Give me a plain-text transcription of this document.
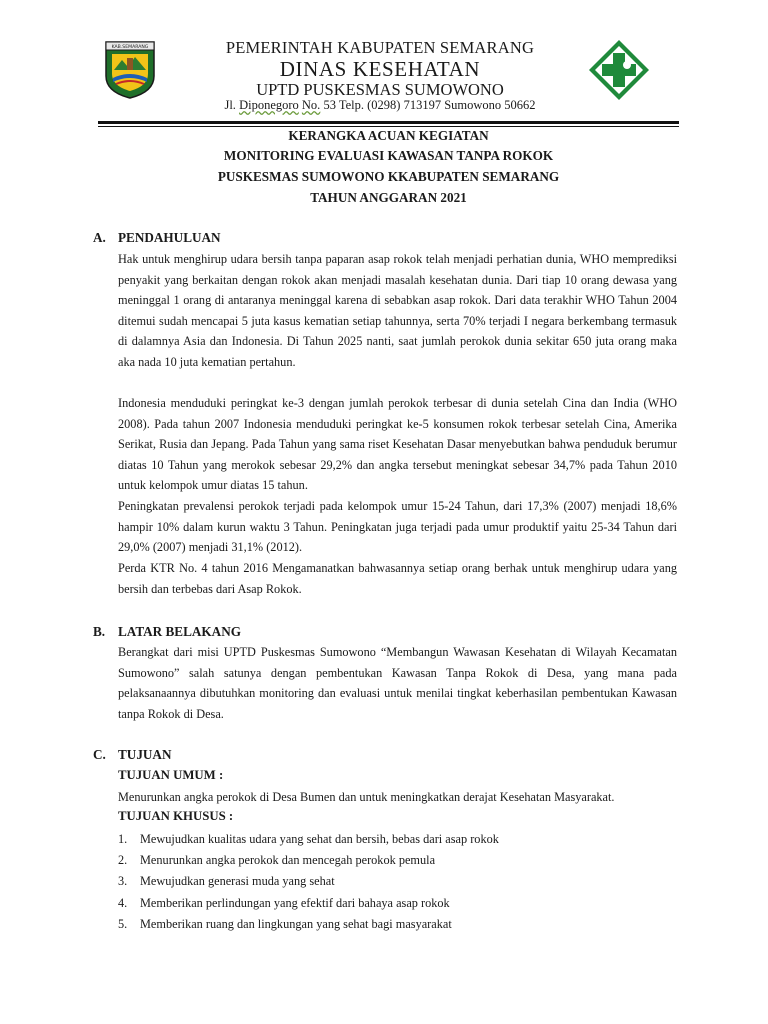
KAB.SEMARANG	PEMERINTAH KABUPATEN SEMARANG
DINAS KESEHATAN
UPTD PUSKESMAS SUMOWONO
Jl. Diponegoro No. 53 Telp. (0298) 713197 Sumowono 50662
KERANGKA ACUAN KEGIATAN
MONITORING EVALUASI KAWASAN TANPA ROKOK
PUSKESMAS SUMOWONO KKABUPATEN SEMARANG
TAHUN ANGGARAN 2021
A. PENDAHULUAN
Hak untuk menghirup udara bersih tanpa paparan asap rokok telah menjadi perhatian dunia, WHO memprediksi penyakit yang berkaitan dengan rokok akan menjadi masalah kesehatan dunia. Dari tiap 10 orang dewasa yang meninggal 1 orang di antaranya meninggal karena di sebabkan asap rokok. Dari data terakhir WHO Tahun 2004 ditemui sudah mencapai 5 juta kasus kematian setiap tahunnya, serta 70% terjadi I negara berkembang termasuk di dalamnya Asia dan Indonesia. Di Tahun 2025 nanti, saat jumlah perokok dunia sekitar 650 juta orang maka aka nada 10 juta kematian pertahun.
Indonesia menduduki peringkat ke-3 dengan jumlah perokok terbesar di dunia setelah Cina dan India (WHO 2008). Pada tahun 2007 Indonesia menduduki peringkat ke-5 konsumen rokok terbesar setelah Cina, Amerika Serikat, Rusia dan Jepang. Pada Tahun yang sama riset Kesehatan Dasar menyebutkan bahwa penduduk berumur diatas 10 Tahun yang merokok sebesar 29,2% dan angka tersebut meningkat sebesar 34,7% pada Tahun 2010 untuk kelompok umur diatas 15 tahun.
Peningkatan prevalensi perokok terjadi pada kelompok umur 15-24 Tahun, dari 17,3% (2007) menjadi 18,6% hampir 10% dalam kurun waktu 3 Tahun. Peningkatan juga terjadi pada umur produktif yaitu 25-34 Tahun dari 29,0% (2007) menjadi 31,1% (2012).
Perda KTR No. 4 tahun 2016 Mengamanatkan bahwasannya setiap orang berhak untuk menghirup udara yang bersih dan terbebas dari Asap Rokok.
B. LATAR BELAKANG
Berangkat dari misi UPTD Puskesmas Sumowono “Membangun Wawasan Kesehatan di Wilayah Kecamatan Sumowono” salah satunya dengan pembentukan Kawasan Tanpa Rokok di Desa, yang mana pada pelaksanaannya dibutuhkan monitoring dan evaluasi untuk menilai tingkat keberhasilan pembentukan Kawasan tanpa Rokok di Desa.
C. TUJUAN
TUJUAN UMUM :
Menurunkan angka perokok di Desa Bumen dan untuk meningkatkan derajat Kesehatan Masyarakat.
TUJUAN KHUSUS :
1. Mewujudkan kualitas udara yang sehat dan bersih, bebas dari asap rokok
2. Menurunkan angka perokok dan mencegah perokok pemula
3. Mewujudkan generasi muda yang sehat
4. Memberikan perlindungan yang efektif dari bahaya asap rokok
5. Memberikan ruang dan lingkungan yang sehat bagi masyarakat
